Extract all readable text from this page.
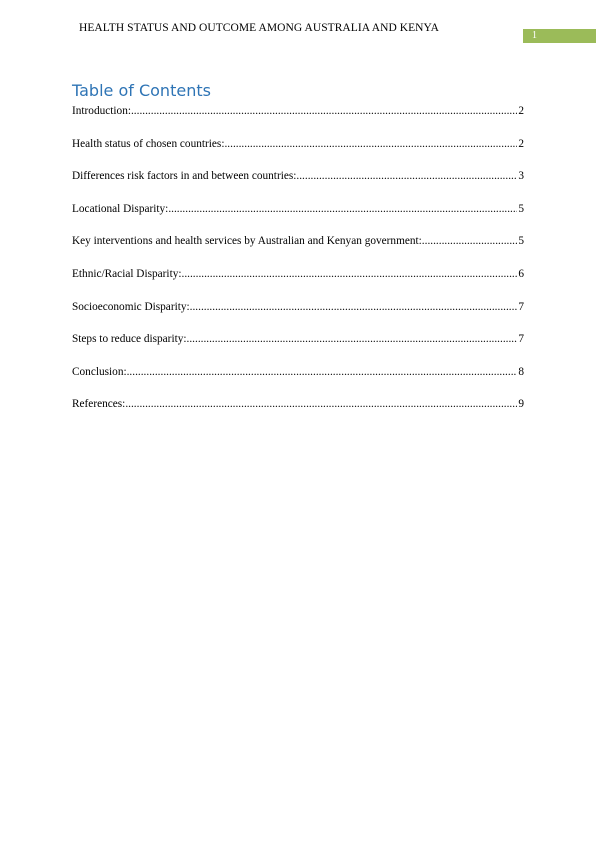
HEALTH STATUS AND OUTCOME AMONG AUSTRALIA AND KENYA
1
Table of Contents
Introduction: .....	2
Health status of chosen countries: .....	2
Differences risk factors in and between countries: .....	3
Locational Disparity: .....	5
Key interventions and health services by Australian and Kenyan government: .....	5
Ethnic/Racial Disparity: .....	6
Socioeconomic Disparity: .....	7
Steps to reduce disparity: .....	7
Conclusion: .....	8
References: .....	9
